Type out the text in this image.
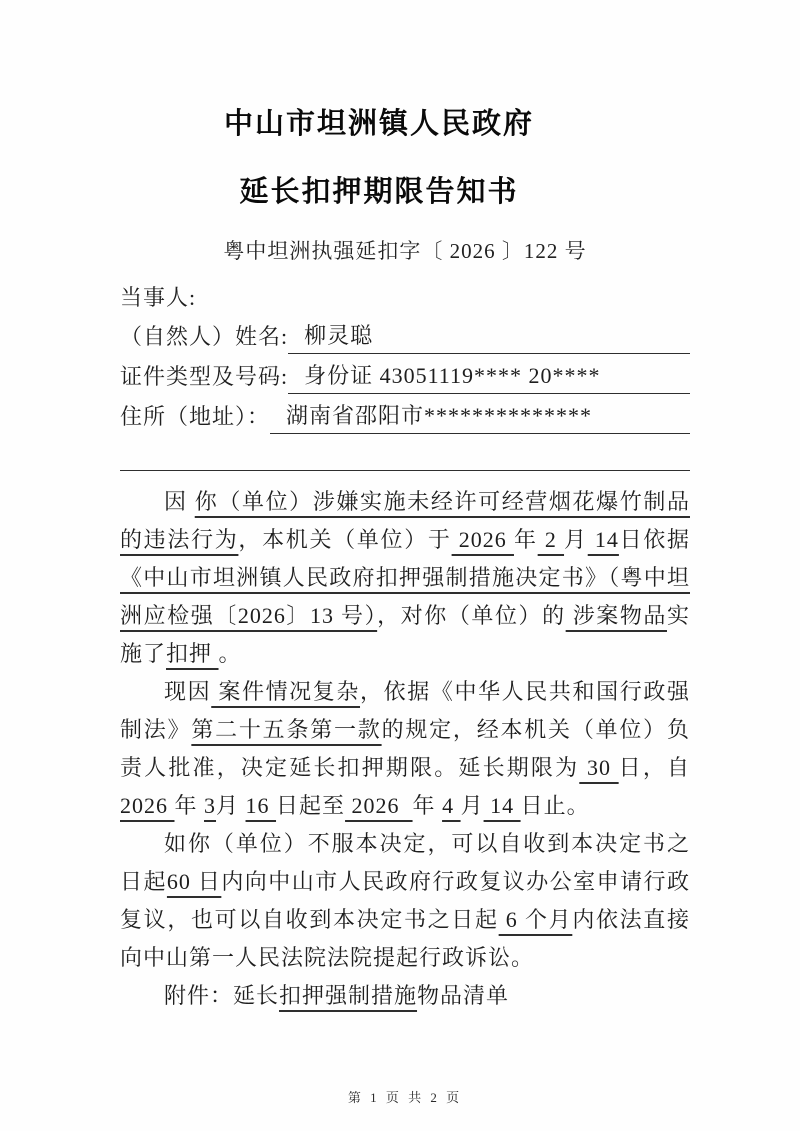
中山市坦洲镇人民政府
延长扣押期限告知书
粤中坦洲执强延扣字〔 2026 〕122 号
当事人:
（自然人）姓名: 柳灵聪
证件类型及号码: 身份证 43051119**** 20****
住所（地址）： 湖南省邵阳市**************

因 你（单位）涉嫌实施未经许可经营烟花爆竹制品的违法行为，本机关（单位）于 2026 年 2 月 14日依据《中山市坦洲镇人民政府扣押强制措施决定书》（粤中坦洲应检强〔2026〕13 号），对你（单位）的 涉案物品实施了扣押 。

现因 案件情况复杂，依据《中华人民共和国行政强制法》第二十五条第一款的规定，经本机关（单位）负责人批准，决定延长扣押期限。延长期限为 30 日，自 2026 年 3月 16 日起至 2026  年 4 月 14 日止。

如你（单位）不服本决定，可以自收到本决定书之日起60 日内向中山市人民政府行政复议办公室申请行政复议，也可以自收到本决定书之日起 6 个月内依法直接向中山第一人民法院法院提起行政诉讼。

附件：延长扣押强制措施物品清单

第 1 页 共 2 页
